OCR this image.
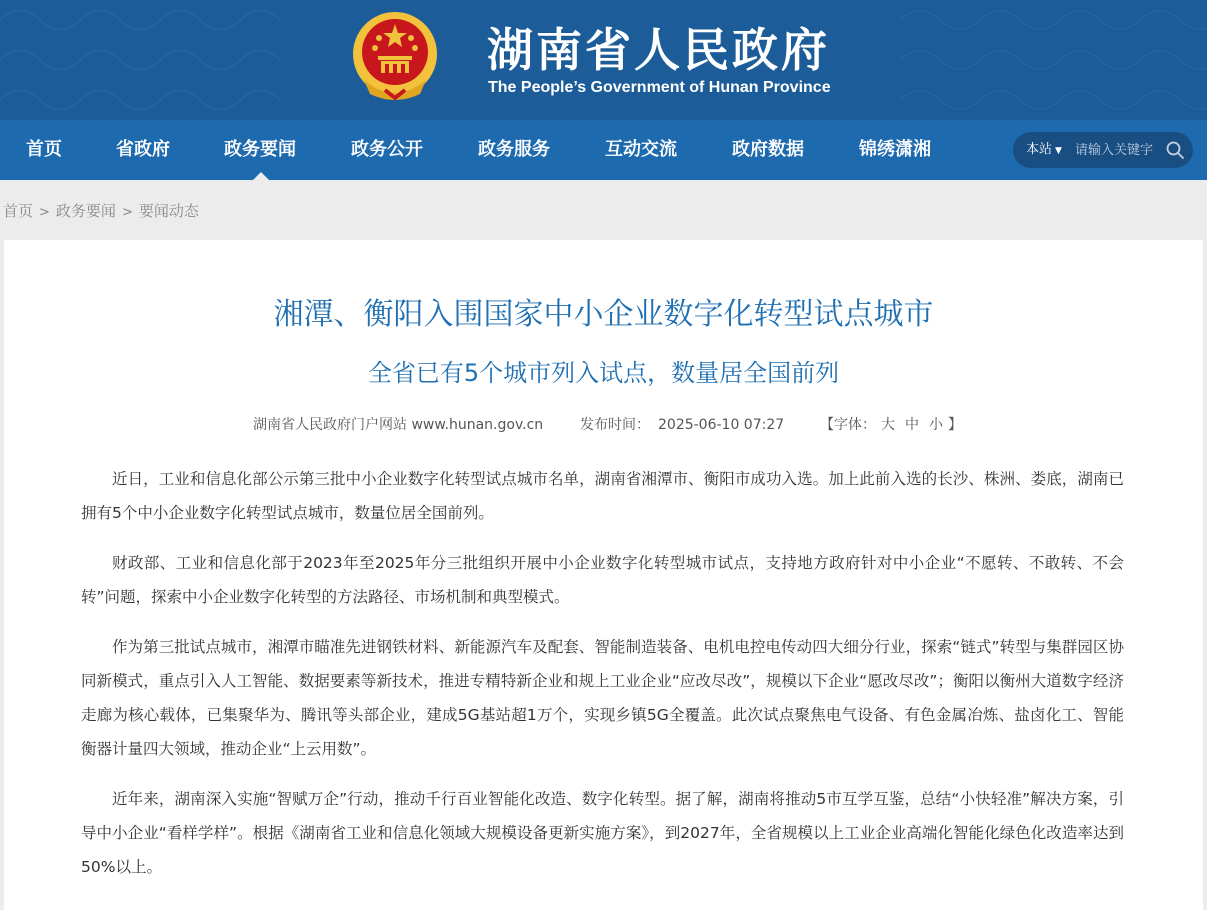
湖南省人民政府
The People’s Government of Hunan Province
首页	省政府	政务要闻	政务公开	政务服务	互动交流	政府数据	锦绣潇湘	本站 ▼
请输入关键字
首页 > 政务要闻 > 要闻动态
湘潭、衡阳入围国家中小企业数字化转型试点城市
全省已有5个城市列入试点，数量居全国前列
湖南省人民政府门户网站 www.hunan.gov.cn	发布时间： 2025-06-10 07:27	【字体： 大 中 小 】

近日，工业和信息化部公示第三批中小企业数字化转型试点城市名单，湖南省湘潭市、衡阳市成功入选。加上此前入选的长沙、株洲、娄底，湖南已拥有5个中小企业数字化转型试点城市，数量位居全国前列。

财政部、工业和信息化部于2023年至2025年分三批组织开展中小企业数字化转型城市试点，支持地方政府针对中小企业“不愿转、不敢转、不会转”问题，探索中小企业数字化转型的方法路径、市场机制和典型模式。

作为第三批试点城市，湘潭市瞄准先进钢铁材料、新能源汽车及配套、智能制造装备、电机电控电传动四大细分行业，探索“链式”转型与集群园区协同新模式，重点引入人工智能、数据要素等新技术，推进专精特新企业和规上工业企业“应改尽改”，规模以下企业“愿改尽改”；衡阳以衡州大道数字经济走廊为核心载体，已集聚华为、腾讯等头部企业，建成5G基站超1万个，实现乡镇5G全覆盖。此次试点聚焦电气设备、有色金属冶炼、盐卤化工、智能衡器计量四大领域，推动企业“上云用数”。

近年来，湖南深入实施“智赋万企”行动，推动千行百业智能化改造、数字化转型。据了解，湖南将推动5市互学互鉴，总结“小快轻准”解决方案，引导中小企业“看样学样”。根据《湖南省工业和信息化领域大规模设备更新实施方案》，到2027年，全省规模以上工业企业高端化智能化绿色化改造率达到50%以上。
